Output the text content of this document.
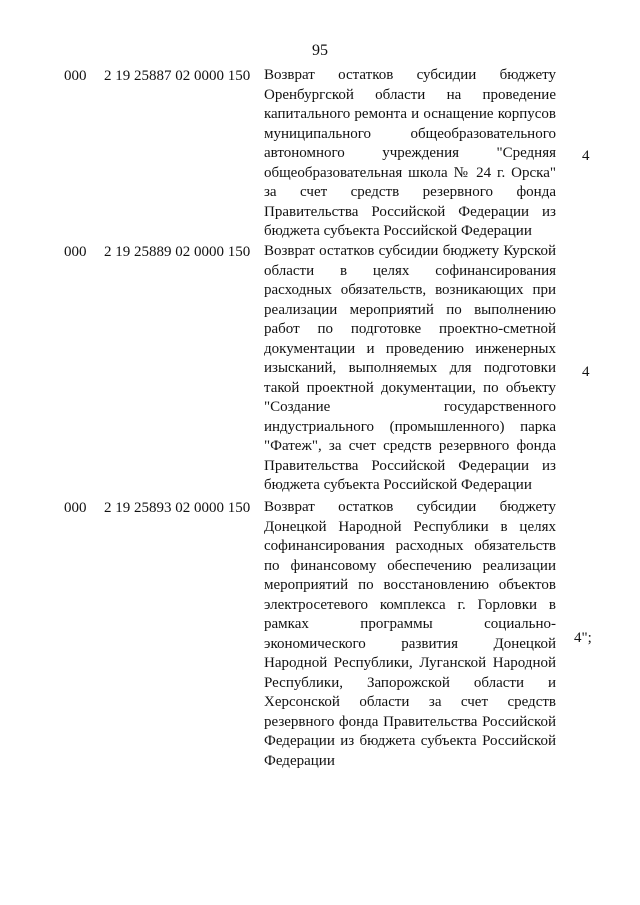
95
000 2 19 25887 02 0000 150 Возврат остатков субсидии бюджету
Оренбургской области на проведение
капитального ремонта и оснащение корпусов
муниципального общеобразовательного
автономного учреждения "Средняя
общеобразовательная школа № 24 г. Орска"
за счет средств резервного фонда
Правительства Российской Федерации из
бюджета субъекта Российской Федерации
4
000 2 19 25889 02 0000 150 Возврат остатков субсидии бюджету Курской
области в целях софинансирования
расходных обязательств, возникающих при
реализации мероприятий по выполнению
работ по подготовке проектно-сметной
документации и проведению инженерных
изысканий, выполняемых для подготовки
такой проектной документации, по объекту
"Создание государственного
индустриального (промышленного) парка
"Фатеж", за счет средств резервного фонда
Правительства Российской Федерации из
бюджета субъекта Российской Федерации
4
000 2 19 25893 02 0000 150 Возврат остатков субсидии бюджету
Донецкой Народной Республики в целях
софинансирования расходных обязательств
по финансовому обеспечению реализации
мероприятий по восстановлению объектов
электросетевого комплекса г. Горловки в
рамках программы социально-
экономического развития Донецкой
Народной Республики, Луганской Народной
Республики, Запорожской области и
Херсонской области за счет средств
резервного фонда Правительства Российской
Федерации из бюджета субъекта Российской
Федерации
4";
